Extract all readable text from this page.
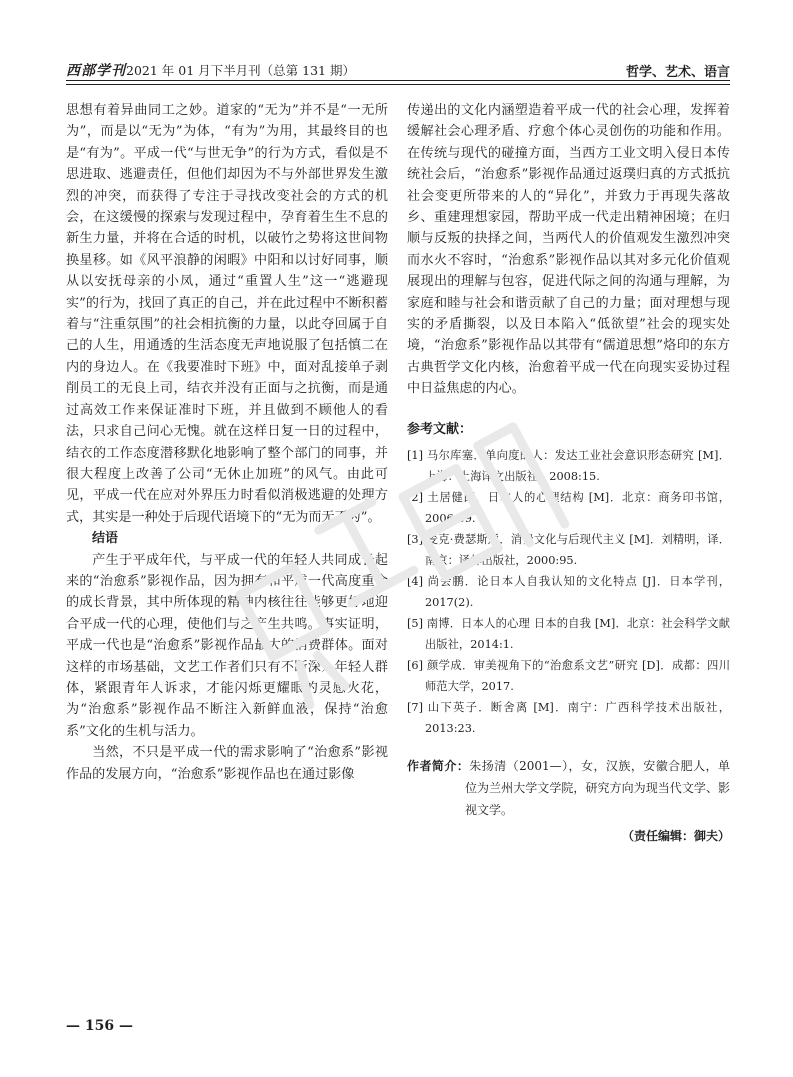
西部学刊2021 年 01 月下半月刊（总第 131 期）	哲学、艺术、语言

思想有着异曲同工之妙。道家的“无为”并不是“一无所为”，而是以“无为”为体，“有为”为用，其最终目的也是“有为”。平成一代“与世无争”的行为方式，看似是不思进取、逃避责任，但他们却因为不与外部世界发生激烈的冲突，而获得了专注于寻找改变社会的方式的机会，在这缓慢的探索与发现过程中，孕育着生生不息的新生力量，并将在合适的时机，以破竹之势将这世间物换星移。如《风平浪静的闲暇》中阳和以讨好同事，顺从以安抚母亲的小凤，通过“重置人生”这一“逃避现实”的行为，找回了真正的自己，并在此过程中不断积蓄着与“注重氛围”的社会相抗衡的力量，以此夺回属于自己的人生，用通透的生活态度无声地说服了包括慎二在内的身边人。在《我要准时下班》中，面对乱接单子剥削员工的无良上司，结衣并没有正面与之抗衡，而是通过高效工作来保证准时下班，并且做到不顾他人的看法，只求自己问心无愧。就在这样日复一日的过程中，结衣的工作态度潜移默化地影响了整个部门的同事，并很大程度上改善了公司“无休止加班”的风气。由此可见，平成一代在应对外界压力时看似消极逃避的处理方式，其实是一种处于后现代语境下的“无为而无不为”。

结语

产生于平成年代，与平成一代的年轻人共同成长起来的“治愈系”影视作品，因为拥有和平成一代高度重合的成长背景，其中所体现的精神内核往往能够更好地迎合平成一代的心理，使他们与之产生共鸣。事实证明，平成一代也是“治愈系”影视作品最大的消费群体。面对这样的市场基础，文艺工作者们只有不断深入年轻人群体，紧跟青年人诉求，才能闪烁更耀眼的灵感火花，为“治愈系”影视作品不断注入新鲜血液，保持“治愈系”文化的生机与活力。

当然，不只是平成一代的需求影响了“治愈系”影视作品的发展方向，“治愈系”影视作品也在通过影像

传递出的文化内涵塑造着平成一代的社会心理，发挥着缓解社会心理矛盾、疗愈个体心灵创伤的功能和作用。在传统与现代的碰撞方面，当西方工业文明入侵日本传统社会后，“治愈系”影视作品通过返璞归真的方式抵抗社会变更所带来的人的“异化”，并致力于再现失落故乡、重建理想家园，帮助平成一代走出精神困境；在归顺与反叛的抉择之间，当两代人的价值观发生激烈冲突而水火不容时，“治愈系”影视作品以其对多元化价值观展现出的理解与包容，促进代际之间的沟通与理解，为家庭和睦与社会和谐贡献了自己的力量；面对理想与现实的矛盾撕裂，以及日本陷入“低欲望”社会的现实处境，“治愈系”影视作品以其带有“儒道思想”烙印的东方古典哲学文化内核，治愈着平成一代在向现实妥协过程中日益焦虑的内心。

参考文献：
[1] 马尔库塞．单向度的人：发达工业社会意识形态研究 [M]．上海：上海译文出版社，2008:15.
[2] 土居健郎．日本人的心理结构 [M]．北京：商务印书馆，2006:39.
[3] 麦克·费瑟斯通．消费文化与后现代主义 [M]．刘精明，译．南京：译林出版社，2000:95.
[4] 尚会鹏．论日本人自我认知的文化特点 [J]．日本学刊，2017(2).
[5] 南博．日本人的心理 日本的自我 [M]．北京：社会科学文献出版社，2014:1.
[6] 颜学成．审美视角下的“治愈系文艺”研究 [D]．成都：四川师范大学，2017.
[7] 山下英子．断舍离 [M]．南宁：广西科学技术出版社，2013:23.
作者简介：朱扬清（2001—），女，汉族，安徽合肥人，单位为兰州大学文学院，研究方向为现当代文学、影视文学。
（责任编辑：御夫）
— 156 —
